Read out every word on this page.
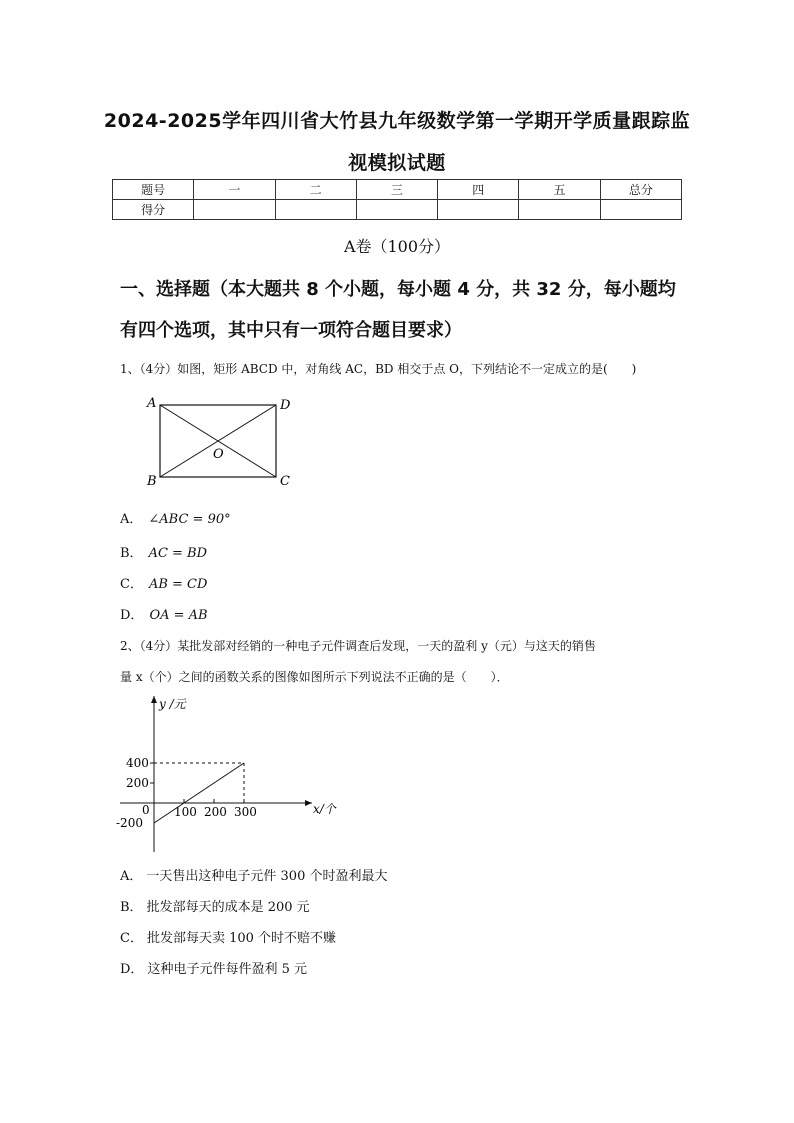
2024-2025学年四川省大竹县九年级数学第一学期开学质量跟踪监
视模拟试题
题号	一	二	三	四	五	总分
得分						
A卷（100分）
一、选择题（本大题共 8 个小题，每小题 4 分，共 32 分，每小题均
有四个选项，其中只有一项符合题目要求）
1、（4分）如图，矩形 ABCD 中，对角线 AC，BD 相交于点 O，下列结论不一定成立的是(　　)
A	D
B	C
O
A． ∠ABC = 90°
B． AC = BD
C． AB = CD
D． OA = AB
2、（4分）某批发部对经销的一种电子元件调查后发现，一天的盈利 y（元）与这天的销售
量 x（个）之间的函数关系的图像如图所示下列说法不正确的是（　　）．
y /元
x/个
0
400
200
-200
100 200 300
A． 一天售出这种电子元件 300 个时盈利最大
B． 批发部每天的成本是 200 元
C． 批发部每天卖 100 个时不赔不赚
D． 这种电子元件每件盈利 5 元
